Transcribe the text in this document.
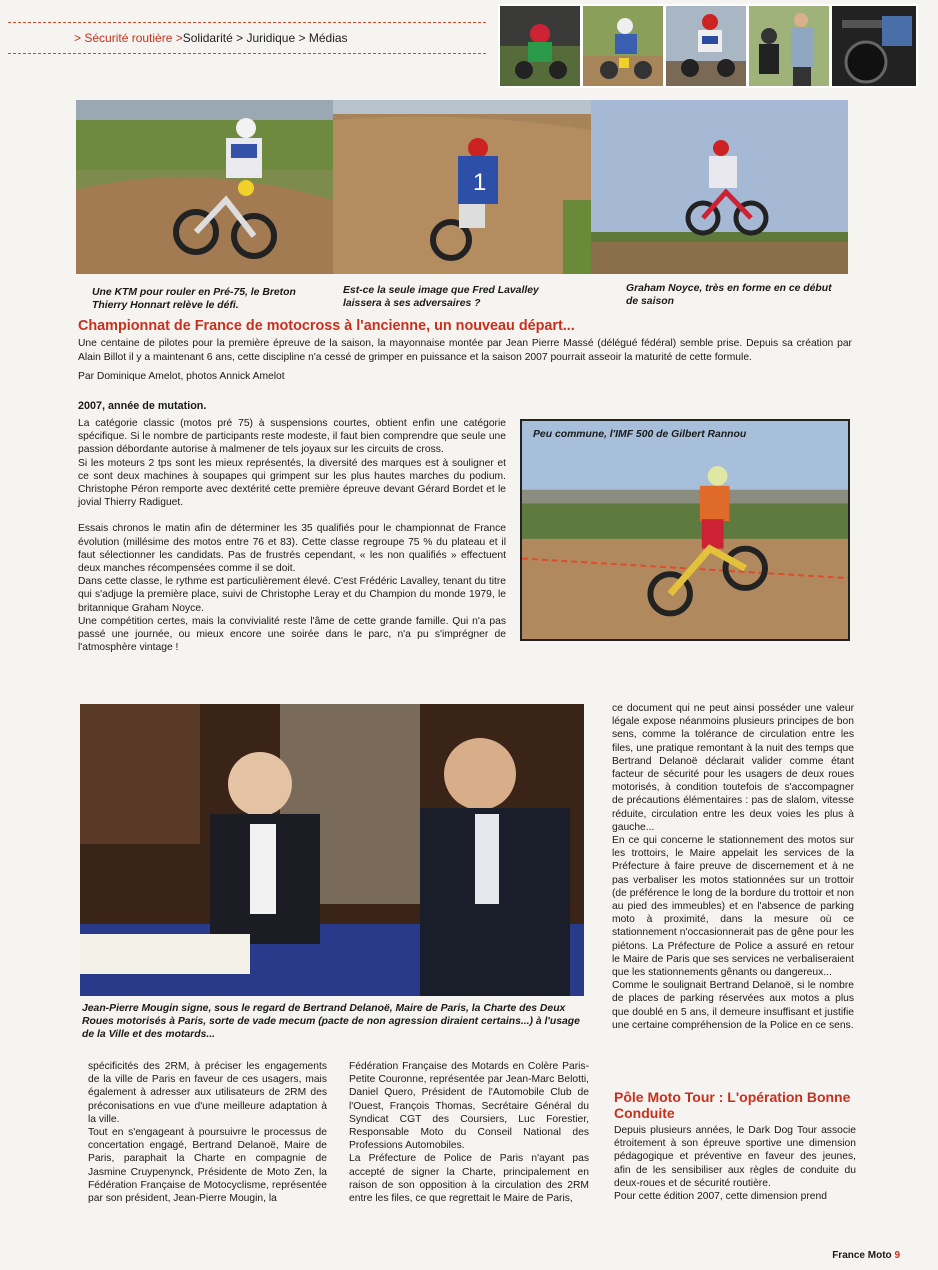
> Sécurité routière >Solidarité > Juridique > Médias
1
Une KTM pour rouler en Pré-75, le Breton Thierry Honnart relève le défi.
Est-ce la seule image que Fred Lavalley laissera à ses adversaires ?
Graham Noyce, très en forme en ce début de saison
Championnat de France de motocross à l'ancienne, un nouveau départ...
Une centaine de pilotes pour la première épreuve de la saison, la mayonnaise montée par Jean Pierre Massé (délégué fédéral) semble prise. Depuis sa création par Alain Billot il y a maintenant 6 ans, cette discipline n'a cessé de grimper en puissance et la saison 2007 pourrait asseoir la maturité de cette formule.
Par Dominique Amelot, photos Annick Amelot
2007, année de mutation.

La catégorie classic (motos pré 75) à suspensions courtes, obtient enfin une catégorie spécifique. Si le nombre de participants reste modeste, il faut bien comprendre que seule une passion débordante autorise à malmener de tels joyaux sur les circuits de cross.

Si les moteurs 2 tps sont les mieux représentés, la diversité des marques est à souligner et ce sont deux machines à soupapes qui grimpent sur les plus hautes marches du podium. Christophe Péron remporte avec dextérité cette première épreuve devant Gérard Bordet et le jovial Thierry Radiguet.

Essais chronos le matin afin de déterminer les 35 qualifiés pour le championnat de France évolution (millésime des motos entre 76 et 83). Cette classe regroupe 75 % du plateau et il faut sélectionner les candidats. Pas de frustrés cependant, « les non qualifiés » effectuent deux manches récompensées comme il se doit.

Dans cette classe, le rythme est particulièrement élevé. C'est Frédéric Lavalley, tenant du titre qui s'adjuge la première place, suivi de Christophe Leray et du Champion du monde 1979, le britannique Graham Noyce.

Une compétition certes, mais la convivialité reste l'âme de cette grande famille. Qui n'a pas passé une journée, ou mieux encore une soirée dans le parc, n'a pu s'imprégner de l'atmosphère vintage !

Peu commune, l'IMF 500 de Gilbert Rannou
Jean-Pierre Mougin signe, sous le regard de Bertrand Delanoë, Maire de Paris, la Charte des Deux Roues motorisés à Paris, sorte de vade mecum (pacte de non agression diraient certains...) à l'usage de la Ville et des motards...

spécificités des 2RM, à préciser les engagements de la ville de Paris en faveur de ces usagers, mais également à adresser aux utilisateurs de 2RM des préconisations en vue d'une meilleure adaptation à la ville.

Tout en s'engageant à poursuivre le processus de concertation engagé, Bertrand Delanoë, Maire de Paris, paraphait la Charte en compagnie de Jasmine Cruypenynck, Présidente de Moto Zen, la Fédération Française de Motocyclisme, représentée par son président, Jean-Pierre Mougin, la

Fédération Française des Motards en Colère Paris-Petite Couronne, représentée par Jean-Marc Belotti, Daniel Quero, Président de l'Automobile Club de l'Ouest, François Thomas, Secrétaire Général du Syndicat CGT des Coursiers, Luc Forestier, Responsable Moto du Conseil National des Professions Automobiles.

La Préfecture de Police de Paris n'ayant pas accepté de signer la Charte, principalement en raison de son opposition à la circulation des 2RM entre les files, ce que regrettait le Maire de Paris,

ce document qui ne peut ainsi posséder une valeur légale expose néanmoins plusieurs principes de bon sens, comme la tolérance de circulation entre les files, une pratique remontant à la nuit des temps que Bertrand Delanoë déclarait valider comme étant facteur de sécurité pour les usagers de deux roues motorisés, à condition toutefois de s'accompagner de précautions élémentaires : pas de slalom, vitesse réduite, circulation entre les deux voies les plus à gauche...

En ce qui concerne le stationnement des motos sur les trottoirs, le Maire appelait les services de la Préfecture à faire preuve de discernement et à ne pas verbaliser les motos stationnées sur un trottoir (de préférence le long de la bordure du trottoir et non au pied des immeubles) et en l'absence de parking moto à proximité, dans la mesure où ce stationnement n'occasionnerait pas de gêne pour les piétons. La Préfecture de Police a assuré en retour le Maire de Paris que ses services ne verbaliseraient que les stationnements gênants ou dangereux...

Comme le soulignait Bertrand Delanoë, si le nombre de places de parking réservées aux motos a plus que doublé en 5 ans, il demeure insuffisant et justifie une certaine compréhension de la Police en ce sens.

Pôle Moto Tour : L'opération Bonne Conduite

Depuis plusieurs années, le Dark Dog Tour associe étroitement à son épreuve sportive une dimension pédagogique et préventive en faveur des jeunes, afin de les sensibiliser aux règles de conduite du deux-roues et de sécurité routière.

Pour cette édition 2007, cette dimension prend

France Moto 9
